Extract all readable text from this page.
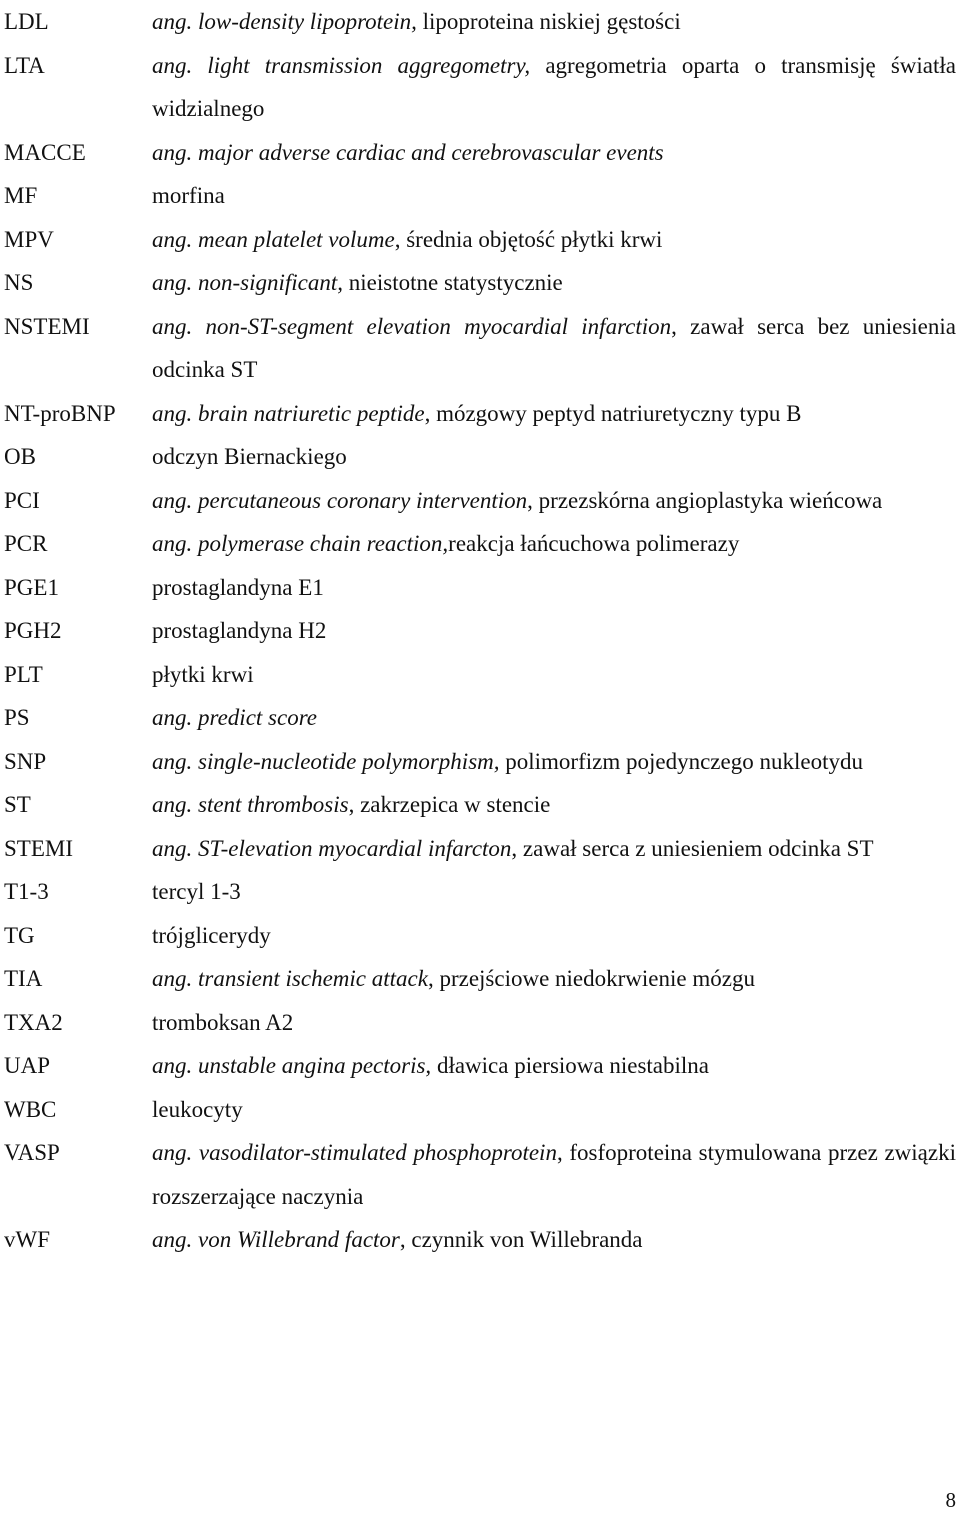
LDL	ang. low-density lipoprotein, lipoproteina niskiej gęstości
LTA	ang. light transmission aggregometry, agregometria oparta o transmisję światła widzialnego
MACCE	ang. major adverse cardiac and cerebrovascular events
MF	morfina
MPV	ang. mean platelet volume, średnia objętość płytki krwi
NS	ang. non-significant, nieistotne statystycznie
NSTEMI	ang. non-ST-segment elevation myocardial infarction, zawał serca bez uniesienia odcinka ST
NT-proBNP	ang. brain natriuretic peptide, mózgowy peptyd natriuretyczny typu B
OB	odczyn Biernackiego
PCI	ang. percutaneous coronary intervention, przezskórna angioplastyka wieńcowa
PCR	ang. polymerase chain reaction,reakcja łańcuchowa polimerazy
PGE1	prostaglandyna E1
PGH2	prostaglandyna H2
PLT	płytki krwi
PS	ang. predict score
SNP	ang. single-nucleotide polymorphism, polimorfizm pojedynczego nukleotydu
ST	ang. stent thrombosis, zakrzepica w stencie
STEMI	ang. ST-elevation myocardial infarcton, zawał serca z uniesieniem odcinka ST
T1-3	tercyl 1-3
TG	trójglicerydy
TIA	ang. transient ischemic attack, przejściowe niedokrwienie mózgu
TXA2	tromboksan A2
UAP	ang. unstable angina pectoris, dławica piersiowa niestabilna
WBC	leukocyty
VASP	ang. vasodilator-stimulated phosphoprotein, fosfoproteina stymulowana przez związki rozszerzające naczynia
vWF	ang. von Willebrand factor, czynnik von Willebranda
8
